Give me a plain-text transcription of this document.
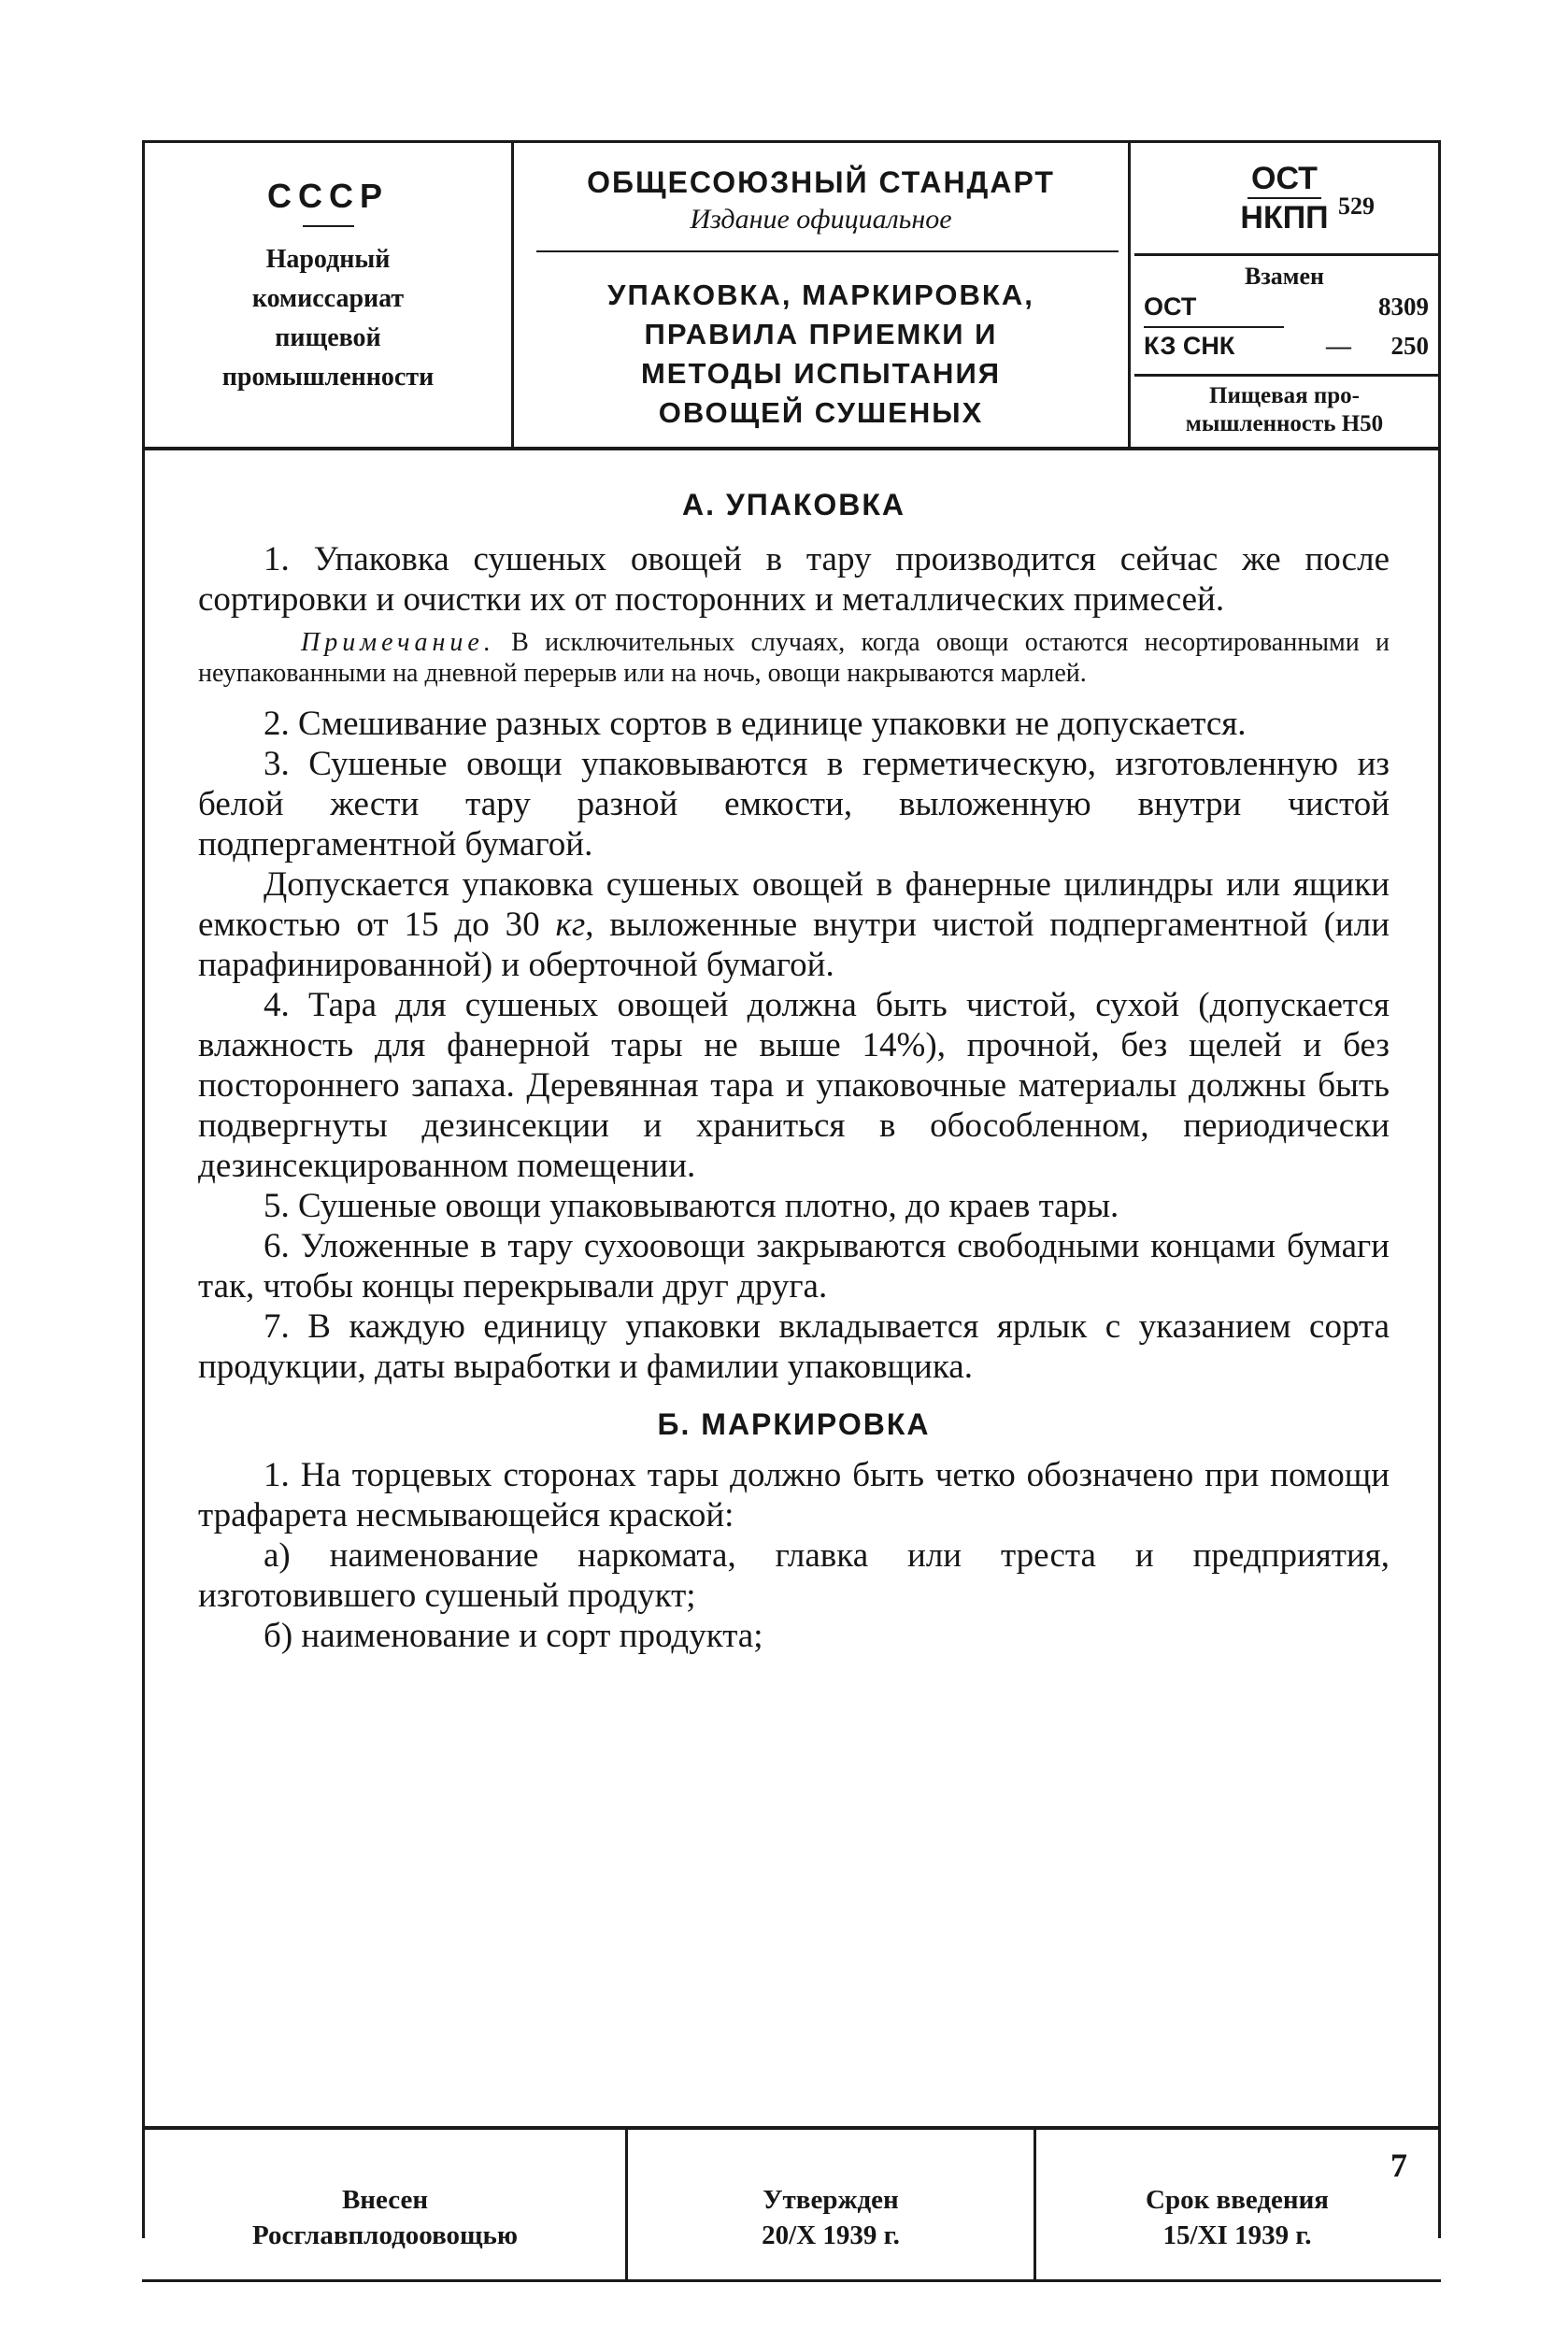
СССР
Народный
комиссариат
пищевой
промышленности
ОБЩЕСОЮЗНЫЙ СТАНДАРТ
Издание официальное
УПАКОВКА, МАРКИРОВКА,
ПРАВИЛА ПРИЕМКИ И
МЕТОДЫ ИСПЫТАНИЯ
ОВОЩЕЙ СУШЕНЫХ
ОСТ
НКПП 529
Взамен
ОСТ	8309
КЗ СНК	— 250
Пищевая про-
мышленность Н50
А. УПАКОВКА

1. Упаковка сушеных овощей в тару производится сейчас же после сортировки и очистки их от посторонних и металлических примесей.

Примечание. В исключительных случаях, когда овощи остаются несортированными и неупакованными на дневной перерыв или на ночь, овощи накрываются марлей.

2. Смешивание разных сортов в единице упаковки не допускается.

3. Сушеные овощи упаковываются в герметическую, изготовленную из белой жести тару разной емкости, выложенную внутри чистой подпергаментной бумагой.

Допускается упаковка сушеных овощей в фанерные цилиндры или ящики емкостью от 15 до 30 кг, выложенные внутри чистой подпергаментной (или парафинированной) и оберточной бумагой.

4. Тара для сушеных овощей должна быть чистой, сухой (допускается влажность для фанерной тары не выше 14%), прочной, без щелей и без постороннего запаха. Деревянная тара и упаковочные материалы должны быть подвергнуты дезинсекции и храниться в обособленном, периодически дезинсекцированном помещении.

5. Сушеные овощи упаковываются плотно, до краев тары.

6. Уложенные в тару сухоовощи закрываются свободными концами бумаги так, чтобы концы перекрывали друг друга.

7. В каждую единицу упаковки вкладывается ярлык с указанием сорта продукции, даты выработки и фамилии упаковщика.

Б. МАРКИРОВКА

1. На торцевых сторонах тары должно быть четко обозначено при помощи трафарета несмывающейся краской:

а) наименование наркомата, главка или треста и предприятия, изготовившего сушеный продукт;

б) наименование и сорт продукта;

Внесен
Росглавплодоовощью
Утвержден
20/Х 1939 г.
Срок введения
15/XI 1939 г.
7
